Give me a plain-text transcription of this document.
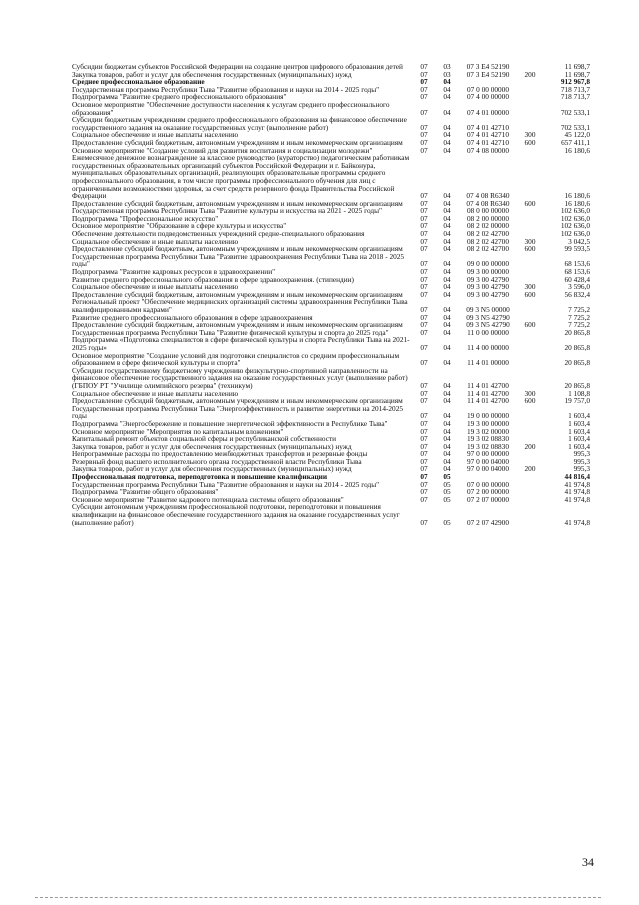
Субсидии бюджетам субъектов Российской Федерации на создание центров цифрового образования детей	07	03	07 3 Е4 52190	11 698,7
Закупка товаров, работ и услуг для обеспечения государственных (муниципальных) нужд	07	03	07 3 Е4 52190	200	11 698,7
Среднее профессиональное образование	07	04	912 967,8
Государственная программа Республики Тыва "Развитие образования и науки на 2014 - 2025 годы"	07	04	07 0 00 00000	718 713,7
Подпрограмма "Развитие среднего профессионального образования"	07	04	07 4 00 00000	718 713,7
Основное мероприятие "Обеспечение доступности населения к услугам среднего профессионального образования"	07	04	07 4 01 00000	702 533,1
Субсидии бюджетным учреждениям среднего профессионального образования на финансовое обеспечение государственного задания на оказание государственных услуг (выполнение работ)	07	04	07 4 01 42710	702 533,1
Социальное обеспечение и иные выплаты населению	07	04	07 4 01 42710	300	45 122,0
Предоставление субсидий бюджетным, автономным учреждениям и иным некоммерческим организациям	07	04	07 4 01 42710	600	657 411,1
Основное мероприятие "Создание условий для развития воспитания и социализации молодежи"	07	04	07 4 08 00000	16 180,6
Ежемесячное денежное вознаграждение за классное руководство (кураторство) педагогическим работникам государственных образовательных организаций субъектов Российской Федерации и г. Байконура, муниципальных образовательных организаций, реализующих образовательные программы среднего профессионального образования, в том числе программы профессионального обучения для лиц с ограниченными возможностями здоровья, за счет средств резервного фонда Правительства Российской Федерации	07	04	07 4 08 R6340	16 180,6
Предоставление субсидий бюджетным, автономным учреждениям и иным некоммерческим организациям	07	04	07 4 08 R6340	600	16 180,6
Государственная программа Республики Тыва "Развитие культуры и искусства на 2021 - 2025 годы"	07	04	08 0 00 00000	102 636,0
Подпрограмма "Профессиональное искусство"	07	04	08 2 00 00000	102 636,0
Основное мероприятие "Образование в сфере культуры и искусства"	07	04	08 2 02 00000	102 636,0
Обеспечение деятельности подведомственных учреждений средне-специального образования	07	04	08 2 02 42700	102 636,0
Социальное обеспечение и иные выплаты населению	07	04	08 2 02 42700	300	3 042,5
Предоставление субсидий бюджетным, автономным учреждениям и иным некоммерческим организациям	07	04	08 2 02 42700	600	99 593,5
Государственная программа Республики Тыва "Развитие здравоохранения Республики Тыва на 2018 - 2025 годы"	07	04	09 0 00 00000	68 153,6
Подпрограмма "Развитие кадровых ресурсов в здравоохранении"	07	04	09 3 00 00000	68 153,6
Развитие среднего профессионального образования в сфере здравоохранения. (стипендии)	07	04	09 3 00 42790	60 428,4
Социальное обеспечение и иные выплаты населению	07	04	09 3 00 42790	300	3 596,0
Предоставление субсидий бюджетным, автономным учреждениям и иным некоммерческим организациям	07	04	09 3 00 42790	600	56 832,4
Региональный проект "Обеспечение медицинских организаций системы здравоохранения Республики Тыва квалифицированными кадрами"	07	04	09 3 N5 00000	7 725,2
Развитие среднего профессионального образования в сфере здравоохранения	07	04	09 3 N5 42790	7 725,2
Предоставление субсидий бюджетным, автономным учреждениям и иным некоммерческим организациям	07	04	09 3 N5 42790	600	7 725,2
Государственная программа Республики Тыва "Развитие физической культуры и спорта до 2025 года"	07	04	11 0 00 00000	20 865,8
Подпрограмма «Подготовка специалистов в сфере физической культуры и спорта Республики Тыва на 2021-2025 годы»	07	04	11 4 00 00000	20 865,8
Основное мероприятие "Создание условий для подготовки специалистов со средним профессиональным образованием в сфере физической культуры и спорта"	07	04	11 4 01 00000	20 865,8
Субсидии государственному бюджетному учреждению физкультурно-спортивной направленности на финансовое обеспечение государственного задания на оказание государственных услуг (выполнение работ) (ГБПОУ РТ "Училище олимпийского резерва" (техникум)	07	04	11 4 01 42700	20 865,8
Социальное обеспечение и иные выплаты населению	07	04	11 4 01 42700	300	1 108,8
Предоставление субсидий бюджетным, автономным учреждениям и иным некоммерческим организациям	07	04	11 4 01 42700	600	19 757,0
Государственная программа Республики Тыва "Энергоэффективность и развитие энергетики на 2014-2025 годы	07	04	19 0 00 00000	1 603,4
Подпрограмма "Энергосбережение и повышение энергетической эффективности в Республике Тыва"	07	04	19 3 00 00000	1 603,4
Основное мероприятие "Мероприятия по капитальным вложениям"	07	04	19 3 02 00000	1 603,4
Капитальный ремонт объектов социальной сферы и республиканской собственности	07	04	19 3 02 08830	1 603,4
Закупка товаров, работ и услуг для обеспечения государственных (муниципальных) нужд	07	04	19 3 02 08830	200	1 603,4
Непрограммные расходы по предоставлению межбюджетных трансфертов и резервные фонды	07	04	97 0 00 00000	995,3
Резервный фонд высшего исполнительного органа государственной власти Республики Тыва	07	04	97 0 00 04000	995,3
Закупка товаров, работ и услуг для обеспечения государственных (муниципальных) нужд	07	04	97 0 00 04000	200	995,3
Профессиональная подготовка, переподготовка и повышение квалификации	07	05	44 816,4
Государственная программа Республики Тыва "Развитие образования и науки на 2014 - 2025 годы"	07	05	07 0 00 00000	41 974,8
Подпрограмма "Развитие общего образования"	07	05	07 2 00 00000	41 974,8
Основное мероприятие "Развитие кадрового потенциала системы общего образования"	07	05	07 2 07 00000	41 974,8
Субсидии автономным учреждениям профессиональной подготовки, переподготовки и повышения квалификации на финансовое обеспечение государственного задания на оказание государственных услуг (выполнение работ)	07	05	07 2 07 42900	41 974,8
34
